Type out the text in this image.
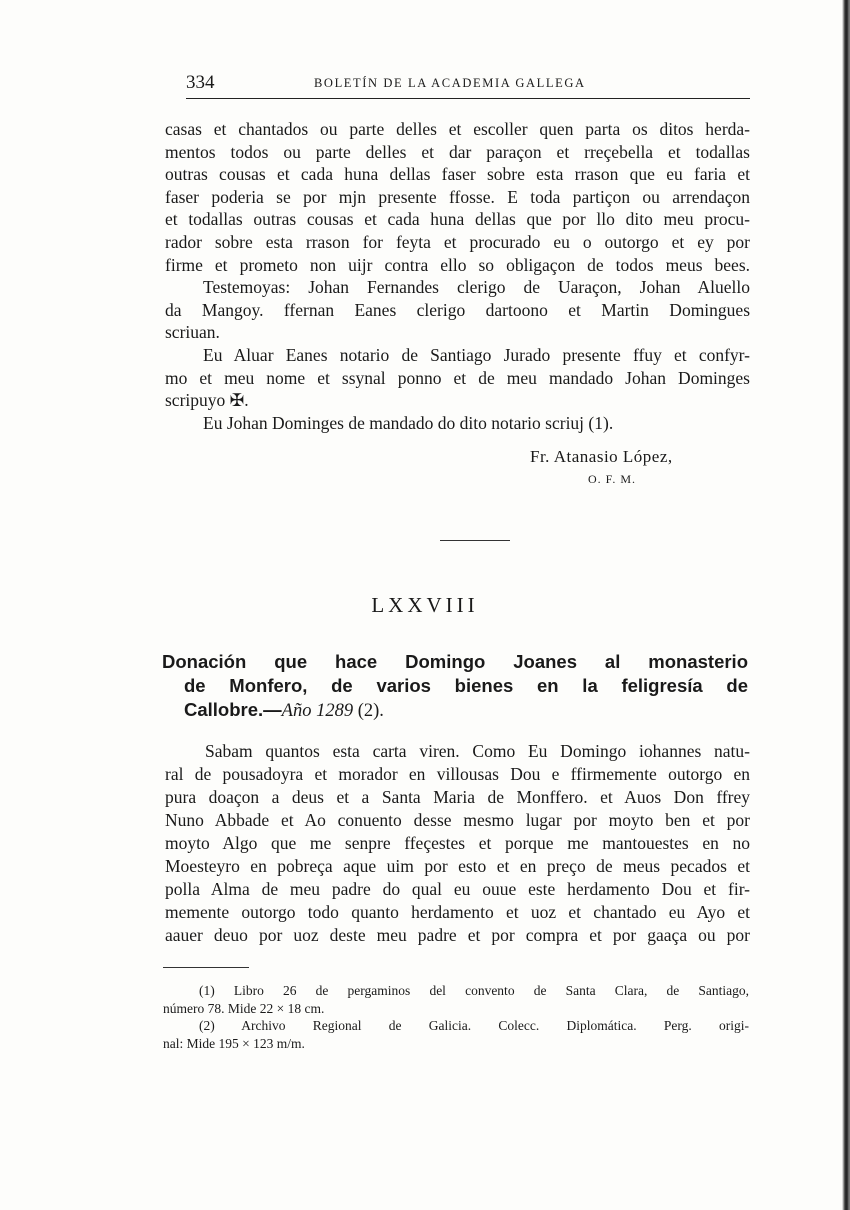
334	BOLETÍN DE LA ACADEMIA GALLEGA
casas et chantados ou parte delles et escoller quen parta os ditos herda-
mentos todos ou parte delles et dar paraçon et rreçebella et todallas
outras cousas et cada huna dellas faser sobre esta rrason que eu faria et
faser poderia se por mjn presente ffosse. E toda partiçon ou arrendaçon
et todallas outras cousas et cada huna dellas que por llo dito meu procu-
rador sobre esta rrason for feyta et procurado eu o outorgo et ey por
firme et prometo non uijr contra ello so obligaçon de todos meus bees.
Testemoyas: Johan Fernandes clerigo de Uaraçon, Johan Aluello
da Mangoy. ffernan Eanes clerigo dartoono et Martin Domingues
scriuan.
Eu Aluar Eanes notario de Santiago Jurado presente ffuy et confyr-
mo et meu nome et ssynal ponno et de meu mandado Johan Dominges
scripuyo ✠.
Eu Johan Dominges de mandado do dito notario scriuj (1).
Fr. Atanasio López,
O. F. M.
LXXVIII
Donación que hace Domingo Joanes al monasterio
de Monfero, de varios bienes en la feligresía de
Callobre.—Año 1289 (2).
Sabam quantos esta carta viren. Como Eu Domingo iohannes natu-
ral de pousadoyra et morador en villousas Dou e ffirmemente outorgo en
pura doaçon a deus et a Santa Maria de Monffero. et Auos Don ffrey
Nuno Abbade et Ao conuento desse mesmo lugar por moyto ben et por
moyto Algo que me senpre ffeçestes et porque me mantouestes en no
Moesteyro en pobreça aque uim por esto et en preço de meus pecados et
polla Alma de meu padre do qual eu ouue este herdamento Dou et fir-
memente outorgo todo quanto herdamento et uoz et chantado eu Ayo et
aauer deuo por uoz deste meu padre et por compra et por gaaça ou por
(1) Libro 26 de pergaminos del convento de Santa Clara, de Santiago,
número 78. Mide 22 × 18 cm.
(2) Archivo Regional de Galicia. Colecc. Diplomática. Perg. origi-
nal: Mide 195 × 123 m/m.
